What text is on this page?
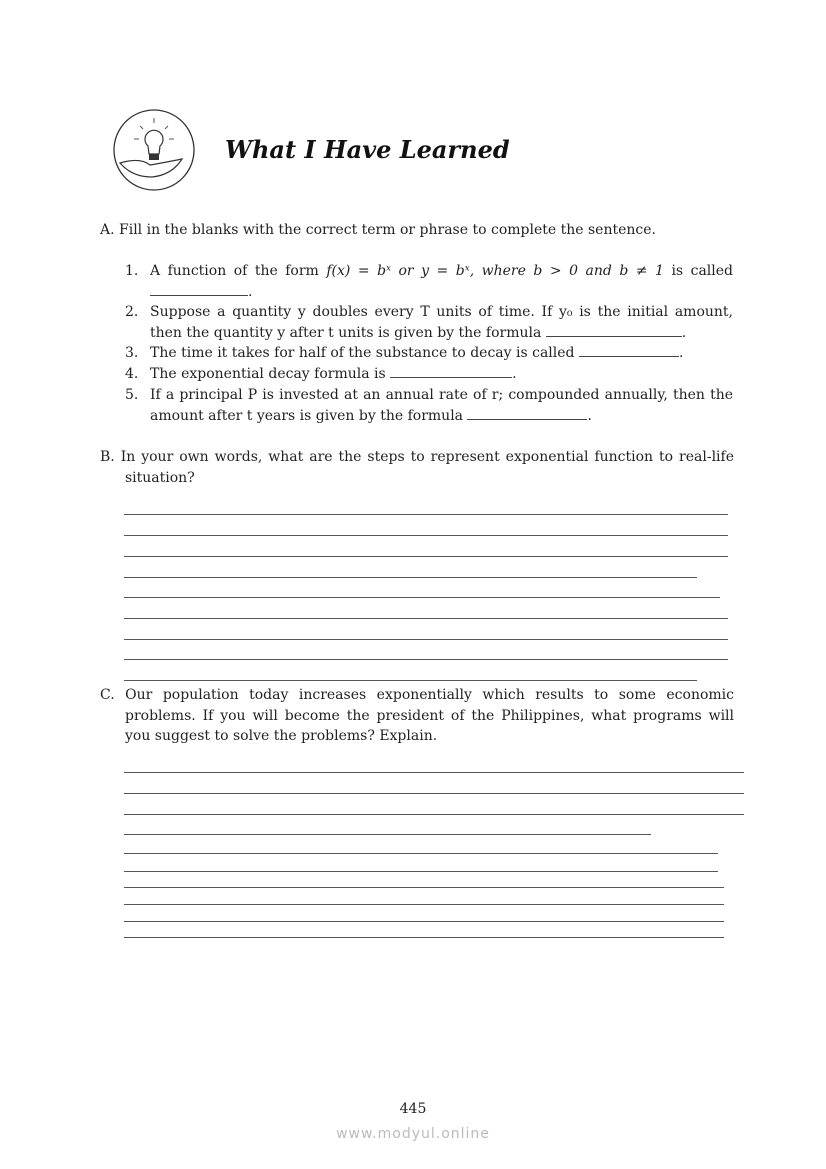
What I Have Learned
A. Fill in the blanks with the correct term or phrase to complete the sentence.
1. A function of the form f(x) = bˣ or y = bˣ, where b > 0 and b ≠ 1 is called
.
2. Suppose a quantity y doubles every T units of time. If y₀ is the initial amount, then the quantity y after t units is given by the formula	.
3. The time it takes for half of the substance to decay is called	.
4. The exponential decay formula is	.
5. If a principal P is invested at an annual rate of r; compounded annually, then the amount after t years is given by the formula	.
B. In your own words, what are the steps to represent exponential function to real-life situation?
C. Our population today increases exponentially which results to some economic problems. If you will become the president of the Philippines, what programs will you suggest to solve the problems? Explain.
445
www.modyul.online
